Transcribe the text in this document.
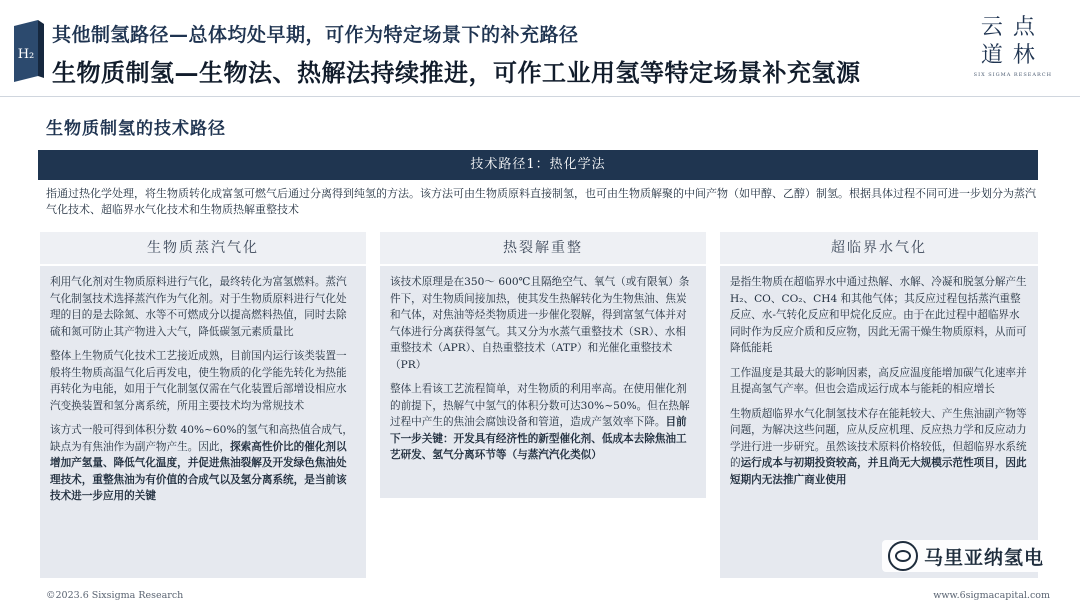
H₂
其他制氢路径—总体均处早期，可作为特定场景下的补充路径
生物质制氢—生物法、热解法持续推进，可作工业用氢等特定场景补充氢源
云点
道林
SIX SIGMA RESEARCH
生物质制氢的技术路径
技术路径1：热化学法
指通过热化学处理，将生物质转化成富氢可燃气后通过分离得到纯氢的方法。该方法可由生物质原料直接制氢，也可由生物质解聚的中间产物（如甲醇、乙醇）制氢。根据具体过程不同可进一步划分为蒸汽气化技术、超临界水气化技术和生物质热解重整技术
生物质蒸汽气化

利用气化剂对生物质原料进行气化，最终转化为富氢燃料。蒸汽气化制氢技术选择蒸汽作为气化剂。对于生物质原料进行气化处理的目的是去除氮、水等不可燃成分以提高燃料热值，同时去除硫和氮可防止其产物进入大气，降低碳氢元素质量比

整体上生物质气化技术工艺接近成熟，目前国内运行该类装置一般将生物质高温气化后再发电，使生物质的化学能先转化为热能再转化为电能，如用于气化制氢仅需在气化装置后部增设相应水汽变换装置和氢分离系统，所用主要技术均为常规技术

该方式一般可得到体积分数 40%~60%的氢气和高热值合成气，缺点为有焦油作为副产物产生。因此，探索高性价比的催化剂以增加产氢量、降低气化温度，并促进焦油裂解及开发绿色焦油处理技术，重整焦油为有价值的合成气以及氢分离系统，是当前该技术进一步应用的关键

热裂解重整

该技术原理是在350～ 600℃且隔绝空气、氧气（或有限氧）条件下，对生物质间接加热，使其发生热解转化为生物焦油、焦炭和气体，对焦油等烃类物质进一步催化裂解，得到富氢气体并对气体进行分离获得氢气。其又分为水蒸气重整技术（SR）、水相重整技术（APR）、自热重整技术（ATP）和光催化重整技术（PR）

整体上看该工艺流程简单，对生物质的利用率高。在使用催化剂的前提下，热解气中氢气的体积分数可达30%~50%。但在热解过程中产生的焦油会腐蚀设备和管道，造成产氢效率下降。目前下一步关键：开发具有经济性的新型催化剂、低成本去除焦油工艺研发、氢气分离环节等（与蒸汽汽化类似）

超临界水气化

是指生物质在超临界水中通过热解、水解、冷凝和脱氢分解产生 H₂、CO、CO₂、CH4 和其他气体；其反应过程包括蒸汽重整反应、水-气转化反应和甲烷化反应。由于在此过程中超临界水同时作为反应介质和反应物，因此无需干燥生物质原料，从而可降低能耗

工作温度是其最大的影响因素，高反应温度能增加碳气化速率并且提高氢气产率。但也会造成运行成本与能耗的相应增长

生物质超临界水气化制氢技术存在能耗较大、产生焦油副产物等问题，为解决这些问题，应从反应机理、反应热力学和反应动力学进行进一步研究。虽然该技术原料价格较低，但超临界水系统的运行成本与初期投资较高，并且尚无大规模示范性项目，因此短期内无法推广商业使用

©2023.6 Sixsigma Research	www.6sigmacapital.com
马里亚纳氢电
